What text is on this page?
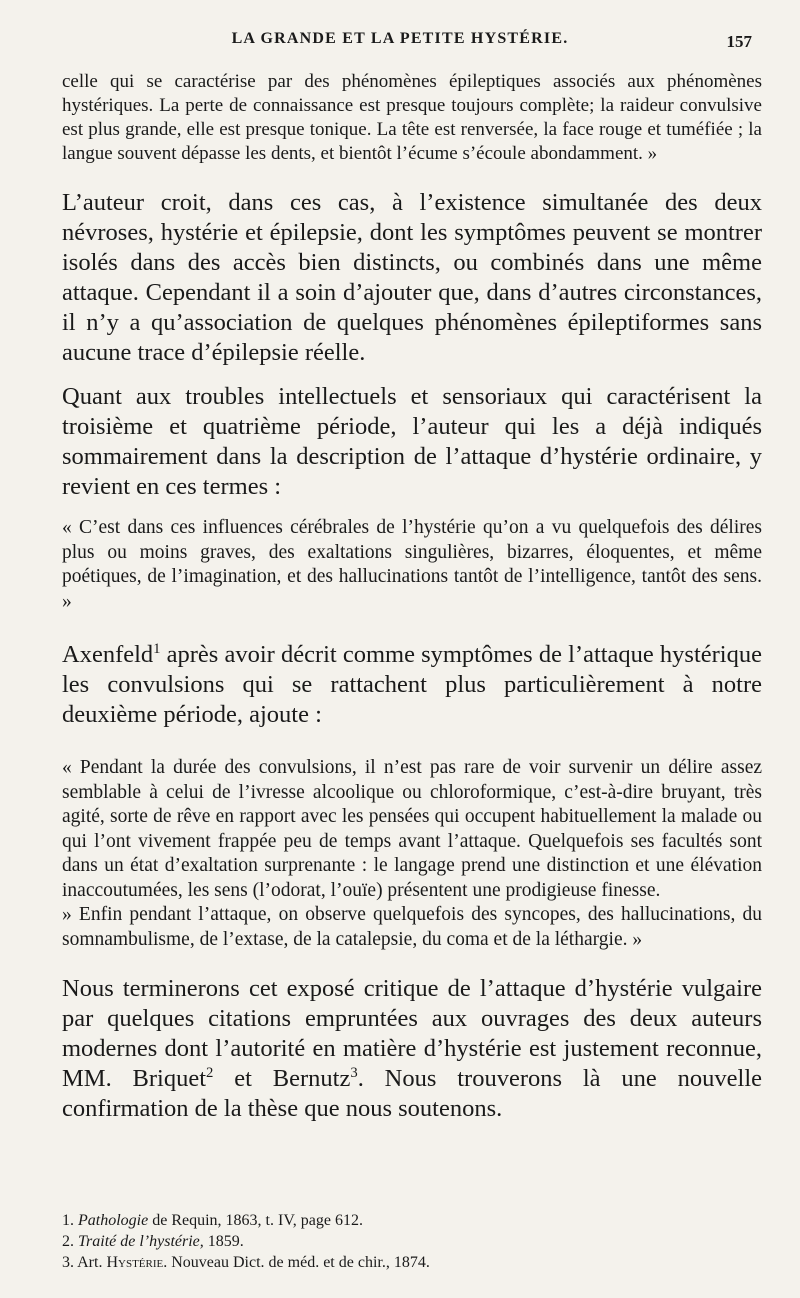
LA GRANDE ET LA PETITE HYSTÉRIE.	157

celle qui se caractérise par des phénomènes épileptiques associés aux phénomènes hystériques. La perte de connaissance est presque toujours complète; la raideur convulsive est plus grande, elle est presque tonique. La tête est renversée, la face rouge et tuméfiée ; la langue souvent dépasse les dents, et bientôt l’écume s’écoule abondamment. »

L’auteur croit, dans ces cas, à l’existence simultanée des deux névroses, hystérie et épilepsie, dont les symptômes peuvent se montrer isolés dans des accès bien distincts, ou combinés dans une même attaque. Cependant il a soin d’ajouter que, dans d’autres circonstances, il n’y a qu’association de quelques phénomènes épileptiformes sans aucune trace d’épilepsie réelle.

Quant aux troubles intellectuels et sensoriaux qui caractérisent la troisième et quatrième période, l’auteur qui les a déjà indiqués sommairement dans la description de l’attaque d’hystérie ordinaire, y revient en ces termes :

« C’est dans ces influences cérébrales de l’hystérie qu’on a vu quelquefois des délires plus ou moins graves, des exaltations singulières, bizarres, éloquentes, et même poétiques, de l’imagination, et des hallucinations tantôt de l’intelligence, tantôt des sens. »

Axenfeld$^1$ après avoir décrit comme symptômes de l’attaque hystérique les convulsions qui se rattachent plus particulièrement à notre deuxième période, ajoute :

« Pendant la durée des convulsions, il n’est pas rare de voir survenir un délire assez semblable à celui de l’ivresse alcoolique ou chloroformique, c’est-à-dire bruyant, très agité, sorte de rêve en rapport avec les pensées qui occupent habituellement la malade ou qui l’ont vivement frappée peu de temps avant l’attaque. Quelquefois ses facultés sont dans un état d’exaltation surprenante : le langage prend une distinction et une élévation inaccoutumées, les sens (l’odorat, l’ouïe) présentent une prodigieuse finesse.

» Enfin pendant l’attaque, on observe quelquefois des syncopes, des hallucinations, du somnambulisme, de l’extase, de la catalepsie, du coma et de la léthargie. »

Nous terminerons cet exposé critique de l’attaque d’hystérie vulgaire par quelques citations empruntées aux ouvrages des deux auteurs modernes dont l’autorité en matière d’hystérie est justement reconnue, MM. Briquet$^2$ et Bernutz$^3$. Nous trouverons là une nouvelle confirmation de la thèse que nous soutenons.

1. Pathologie de Requin, 1863, t. IV, page 612.

2. Traité de l’hystérie, 1859.

3. Art. Hystérie. Nouveau Dict. de méd. et de chir., 1874.
